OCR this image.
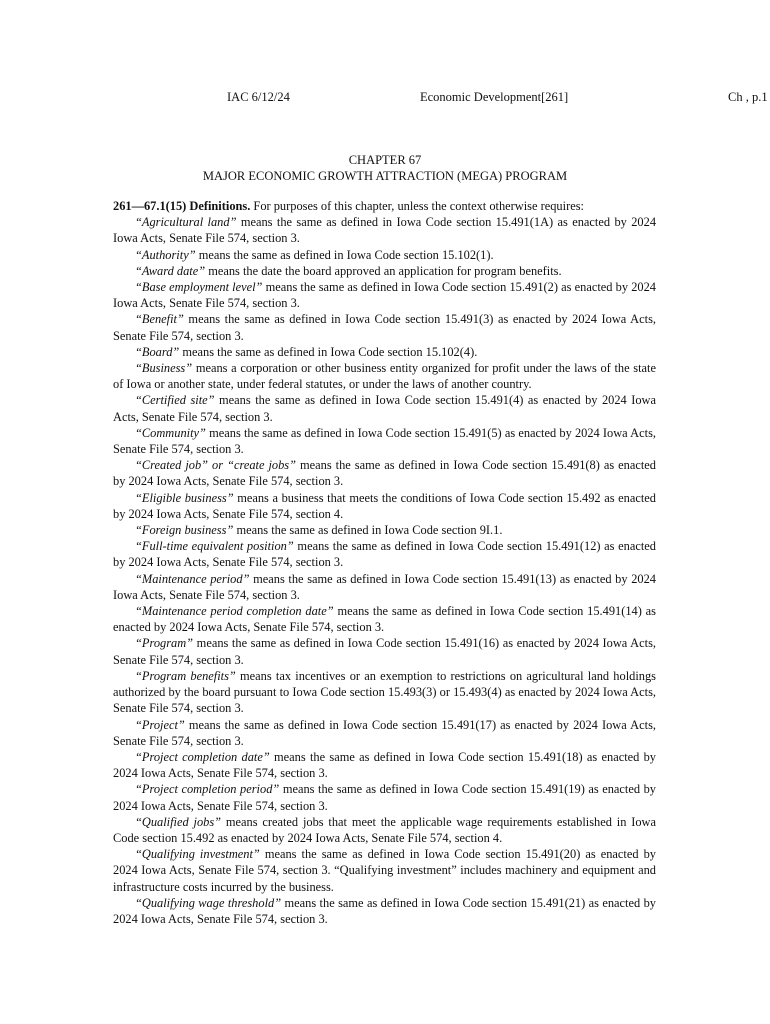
IAC 6/12/24	Economic Development[261]	Ch , p.1
CHAPTER 67
MAJOR ECONOMIC GROWTH ATTRACTION (MEGA) PROGRAM

261—67.1(15) Definitions. For purposes of this chapter, unless the context otherwise requires:

“Agricultural land” means the same as defined in Iowa Code section 15.491(1A) as enacted by 2024 Iowa Acts, Senate File 574, section 3.

“Authority” means the same as defined in Iowa Code section 15.102(1).

“Award date” means the date the board approved an application for program benefits.

“Base employment level” means the same as defined in Iowa Code section 15.491(2) as enacted by 2024 Iowa Acts, Senate File 574, section 3.

“Benefit” means the same as defined in Iowa Code section 15.491(3) as enacted by 2024 Iowa Acts, Senate File 574, section 3.

“Board” means the same as defined in Iowa Code section 15.102(4).

“Business” means a corporation or other business entity organized for profit under the laws of the state of Iowa or another state, under federal statutes, or under the laws of another country.

“Certified site” means the same as defined in Iowa Code section 15.491(4) as enacted by 2024 Iowa Acts, Senate File 574, section 3.

“Community” means the same as defined in Iowa Code section 15.491(5) as enacted by 2024 Iowa Acts, Senate File 574, section 3.

“Created job” or “create jobs” means the same as defined in Iowa Code section 15.491(8) as enacted by 2024 Iowa Acts, Senate File 574, section 3.

“Eligible business” means a business that meets the conditions of Iowa Code section 15.492 as enacted by 2024 Iowa Acts, Senate File 574, section 4.

“Foreign business” means the same as defined in Iowa Code section 9I.1.

“Full-time equivalent position” means the same as defined in Iowa Code section 15.491(12) as enacted by 2024 Iowa Acts, Senate File 574, section 3.

“Maintenance period” means the same as defined in Iowa Code section 15.491(13) as enacted by 2024 Iowa Acts, Senate File 574, section 3.

“Maintenance period completion date” means the same as defined in Iowa Code section 15.491(14) as enacted by 2024 Iowa Acts, Senate File 574, section 3.

“Program” means the same as defined in Iowa Code section 15.491(16) as enacted by 2024 Iowa Acts, Senate File 574, section 3.

“Program benefits” means tax incentives or an exemption to restrictions on agricultural land holdings authorized by the board pursuant to Iowa Code section 15.493(3) or 15.493(4) as enacted by 2024 Iowa Acts, Senate File 574, section 3.

“Project” means the same as defined in Iowa Code section 15.491(17) as enacted by 2024 Iowa Acts, Senate File 574, section 3.

“Project completion date” means the same as defined in Iowa Code section 15.491(18) as enacted by 2024 Iowa Acts, Senate File 574, section 3.

“Project completion period” means the same as defined in Iowa Code section 15.491(19) as enacted by 2024 Iowa Acts, Senate File 574, section 3.

“Qualified jobs” means created jobs that meet the applicable wage requirements established in Iowa Code section 15.492 as enacted by 2024 Iowa Acts, Senate File 574, section 4.

“Qualifying investment” means the same as defined in Iowa Code section 15.491(20) as enacted by 2024 Iowa Acts, Senate File 574, section 3. “Qualifying investment” includes machinery and equipment and infrastructure costs incurred by the business.

“Qualifying wage threshold” means the same as defined in Iowa Code section 15.491(21) as enacted by 2024 Iowa Acts, Senate File 574, section 3.
